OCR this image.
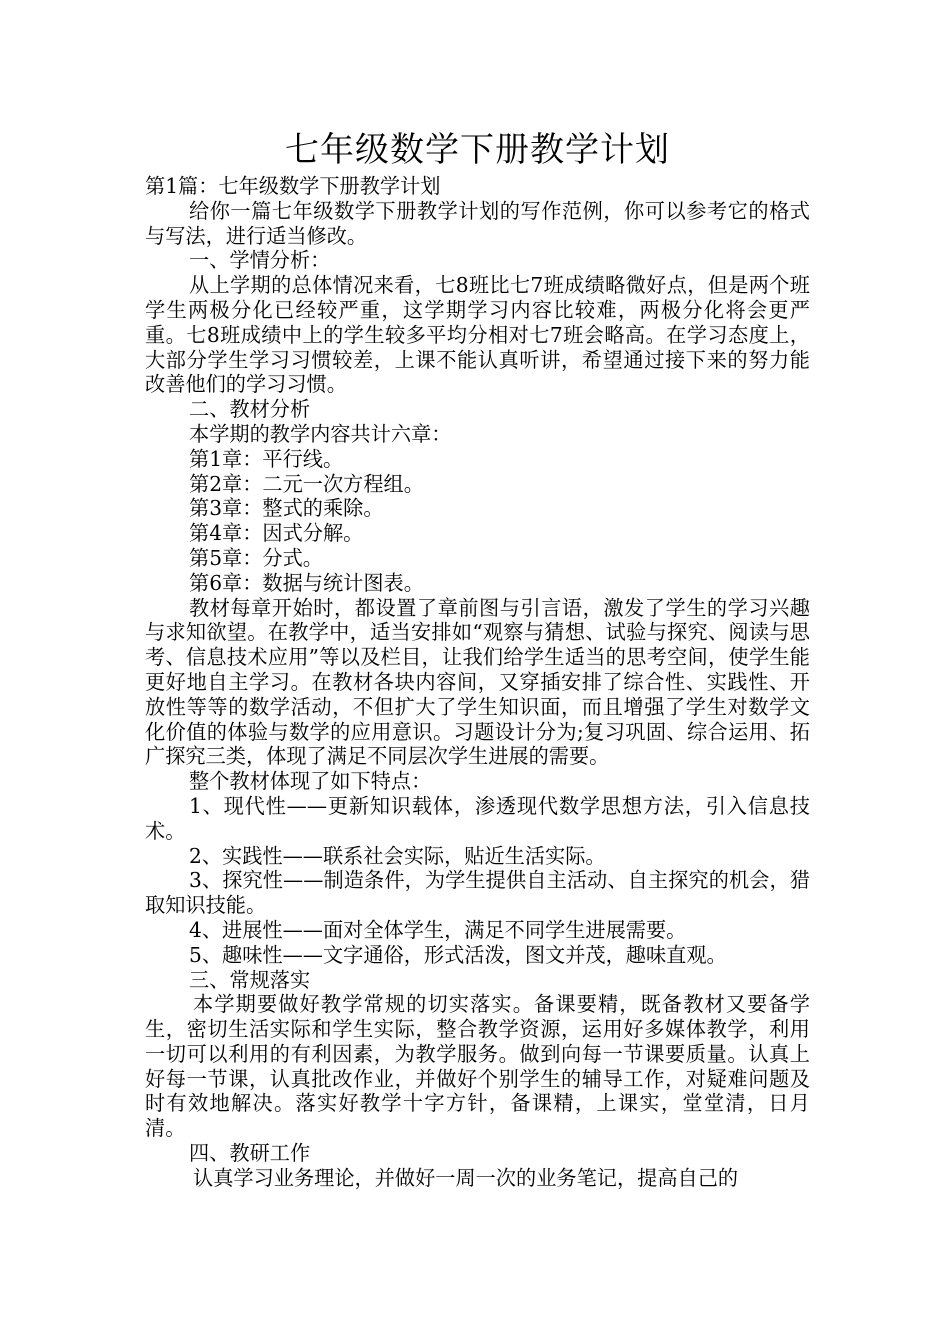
七年级数学下册教学计划

第1篇：七年级数学下册教学计划

给你一篇七年级数学下册教学计划的写作范例，你可以参考它的格式与写法，进行适当修改。

一、学情分析：

从上学期的总体情况来看，七8班比七7班成绩略微好点，但是两个班学生两极分化已经较严重，这学期学习内容比较难，两极分化将会更严重。七8班成绩中上的学生较多平均分相对七7班会略高。在学习态度上，大部分学生学习习惯较差，上课不能认真听讲，希望通过接下来的努力能改善他们的学习习惯。

二、教材分析

本学期的教学内容共计六章：

第1章：平行线。

第2章：二元一次方程组。

第3章：整式的乘除。

第4章：因式分解。

第5章：分式。

第6章：数据与统计图表。

教材每章开始时，都设置了章前图与引言语，激发了学生的学习兴趣与求知欲望。在教学中，适当安排如“观察与猜想、试验与探究、阅读与思考、信息技术应用”等以及栏目，让我们给学生适当的思考空间，使学生能更好地自主学习。在教材各块内容间，又穿插安排了综合性、实践性、开放性等等的数学活动，不但扩大了学生知识面，而且增强了学生对数学文化价值的体验与数学的应用意识。习题设计分为;复习巩固、综合运用、拓广探究三类，体现了满足不同层次学生进展的需要。

整个教材体现了如下特点：

1、现代性——更新知识载体，渗透现代数学思想方法，引入信息技术。

2、实践性——联系社会实际，贴近生活实际。

3、探究性——制造条件，为学生提供自主活动、自主探究的机会，猎取知识技能。

4、进展性——面对全体学生，满足不同学生进展需要。

5、趣味性——文字通俗，形式活泼，图文并茂，趣味直观。

三、常规落实

本学期要做好教学常规的切实落实。备课要精，既备教材又要备学生，密切生活实际和学生实际，整合教学资源，运用好多媒体教学，利用一切可以利用的有利因素，为教学服务。做到向每一节课要质量。认真上好每一节课，认真批改作业，并做好个别学生的辅导工作，对疑难问题及时有效地解决。落实好教学十字方针，备课精，上课实，堂堂清，日月清。

四、教研工作

认真学习业务理论，并做好一周一次的业务笔记，提高自己的
